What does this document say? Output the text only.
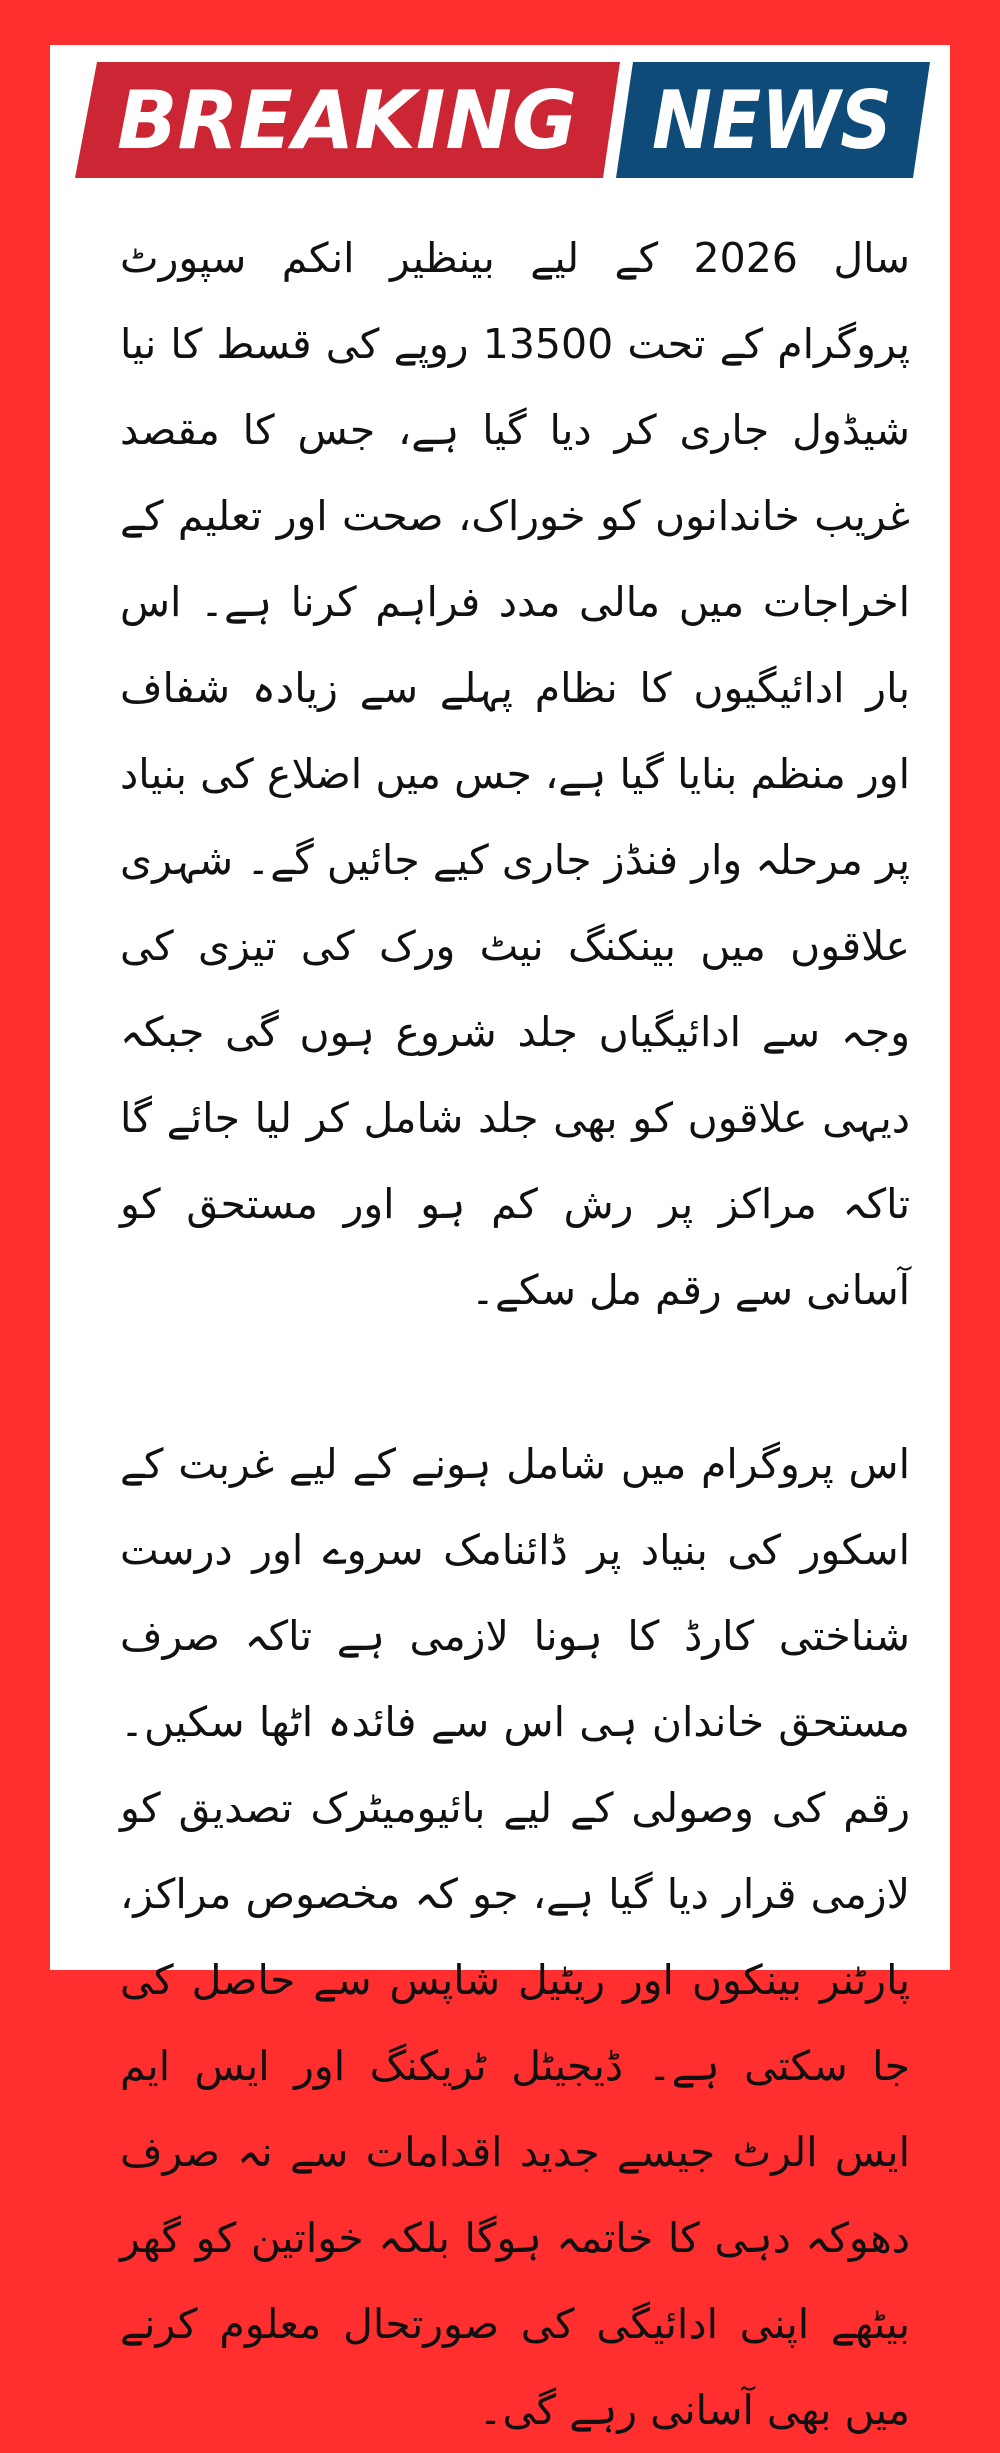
BREAKING NEWS

سال 2026 کے لیے بینظیر انکم سپورٹ پروگرام کے تحت 13500 روپے کی قسط کا نیا شیڈول جاری کر دیا گیا ہے، جس کا مقصد غریب خاندانوں کو خوراک، صحت اور تعلیم کے اخراجات میں مالی مدد فراہم کرنا ہے۔ اس بار ادائیگیوں کا نظام پہلے سے زیادہ شفاف اور منظم بنایا گیا ہے، جس میں اضلاع کی بنیاد پر مرحلہ وار فنڈز جاری کیے جائیں گے۔ شہری علاقوں میں بینکنگ نیٹ ورک کی تیزی کی وجہ سے ادائیگیاں جلد شروع ہوں گی جبکہ دیہی علاقوں کو بھی جلد شامل کر لیا جائے گا تاکہ مراکز پر رش کم ہو اور مستحق کو آسانی سے رقم مل سکے۔

اس پروگرام میں شامل ہونے کے لیے غربت کے اسکور کی بنیاد پر ڈائنامک سروے اور درست شناختی کارڈ کا ہونا لازمی ہے تاکہ صرف مستحق خاندان ہی اس سے فائدہ اٹھا سکیں۔ رقم کی وصولی کے لیے بائیومیٹرک تصدیق کو لازمی قرار دیا گیا ہے، جو کہ مخصوص مراکز، پارٹنر بینکوں اور ریٹیل شاپس سے حاصل کی جا سکتی ہے۔ ڈیجیٹل ٹریکنگ اور ایس ایم ایس الرٹ جیسے جدید اقدامات سے نہ صرف دھوکہ دہی کا خاتمہ ہوگا بلکہ خواتین کو گھر بیٹھے اپنی ادائیگی کی صورتحال معلوم کرنے میں بھی آسانی رہے گی۔
